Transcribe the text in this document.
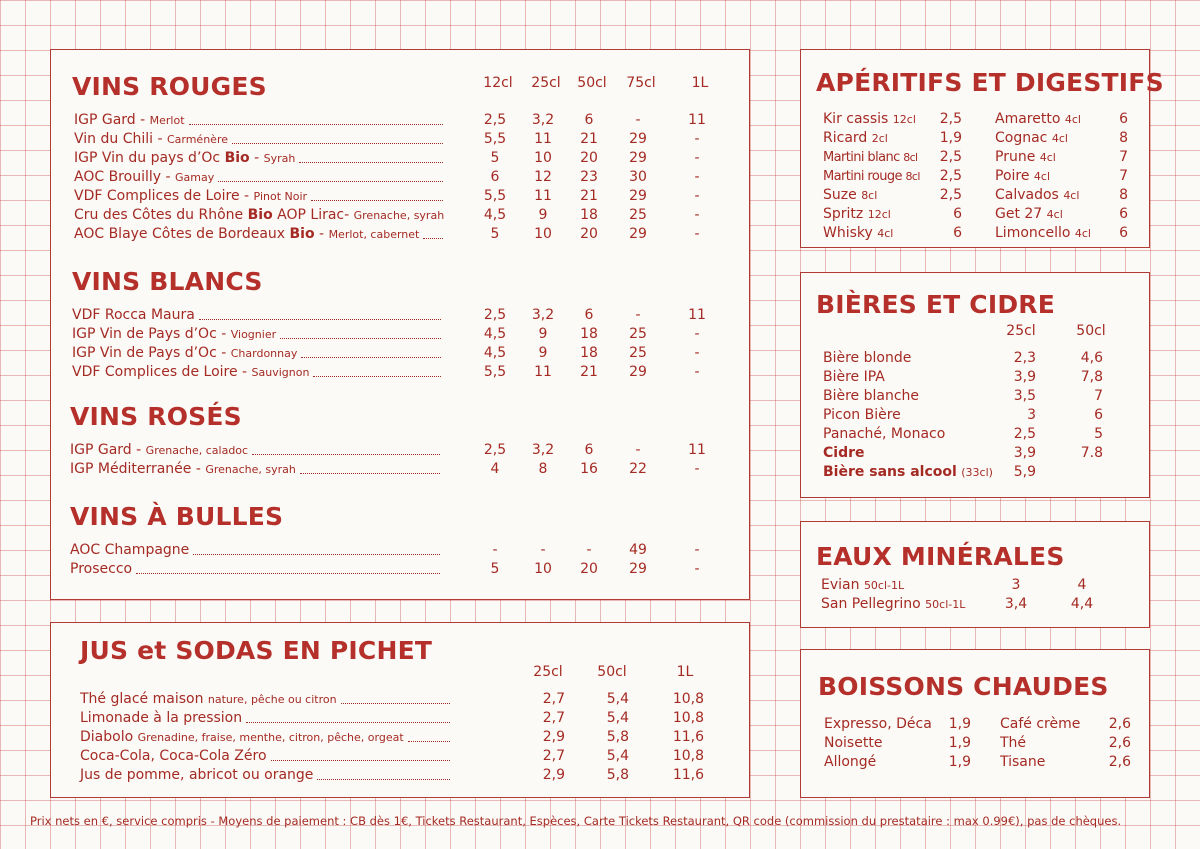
VINS ROUGES	12cl	25cl	50cl	75cl	1L
IGP Gard - Merlot	2,5	3,2	6	-	11
Vin du Chili - Carménère	5,5	11	21	29	-
IGP Vin du pays d’Oc Bio - Syrah	5	10	20	29	-
AOC Brouilly - Gamay	6	12	23	30	-
VDF Complices de Loire - Pinot Noir	5,5	11	21	29	-
Cru des Côtes du Rhône Bio AOP Lirac- Grenache, syrah	4,5	9	18	25	-
AOC Blaye Côtes de Bordeaux Bio - Merlot, cabernet	5	10	20	29	-
VINS BLANCS
VDF Rocca Maura	2,5	3,2	6	-	11
IGP Vin de Pays d’Oc - Viognier	4,5	9	18	25	-
IGP Vin de Pays d’Oc - Chardonnay	4,5	9	18	25	-
VDF Complices de Loire - Sauvignon	5,5	11	21	29	-
VINS ROSÉS
IGP Gard - Grenache, caladoc	2,5	3,2	6	-	11
IGP Méditerranée - Grenache, syrah	4	8	16	22	-
VINS À BULLES
AOC Champagne	-	-	-	49	-
Prosecco	5	10	20	29	-
JUS et SODAS EN PICHET
25cl	50cl	1L
Thé glacé maison nature, pêche ou citron	2,7	5,4	10,8
Limonade à la pression	2,7	5,4	10,8
Diabolo Grenadine, fraise, menthe, citron, pêche, orgeat	2,9	5,8	11,6
Coca-Cola, Coca-Cola Zéro	2,7	5,4	10,8
Jus de pomme, abricot ou orange	2,9	5,8	11,6
APÉRITIFS ET DIGESTIFS
Kir cassis 12cl	2,5
Ricard 2cl	1,9
Martini blanc 8cl	2,5
Martini rouge 8cl	2,5
Suze 8cl	2,5
Spritz 12cl	6
Whisky 4cl	6
Amaretto 4cl	6
Cognac 4cl	8
Prune 4cl	7
Poire 4cl	7
Calvados 4cl	8
Get 27 4cl	6
Limoncello 4cl	6
BIÈRES ET CIDRE
25cl	50cl
Bière blonde	2,3	4,6
Bière IPA	3,9	7,8
Bière blanche	3,5	7
Picon Bière	3	6
Panaché, Monaco	2,5	5
Cidre	3,9	7.8
Bière sans alcool (33cl)	5,9
EAUX MINÉRALES
Evian 50cl-1L	3	4
San Pellegrino 50cl-1L	3,4	4,4
BOISSONS CHAUDES
Expresso, Déca	1,9
Noisette	1,9
Allongé	1,9
Café crème	2,6
Thé	2,6
Tisane	2,6
Prix nets en €, service compris - Moyens de paiement : CB dès 1€, Tickets Restaurant, Espèces, Carte Tickets Restaurant, QR code (commission du prestataire : max 0.99€), pas de chèques.
